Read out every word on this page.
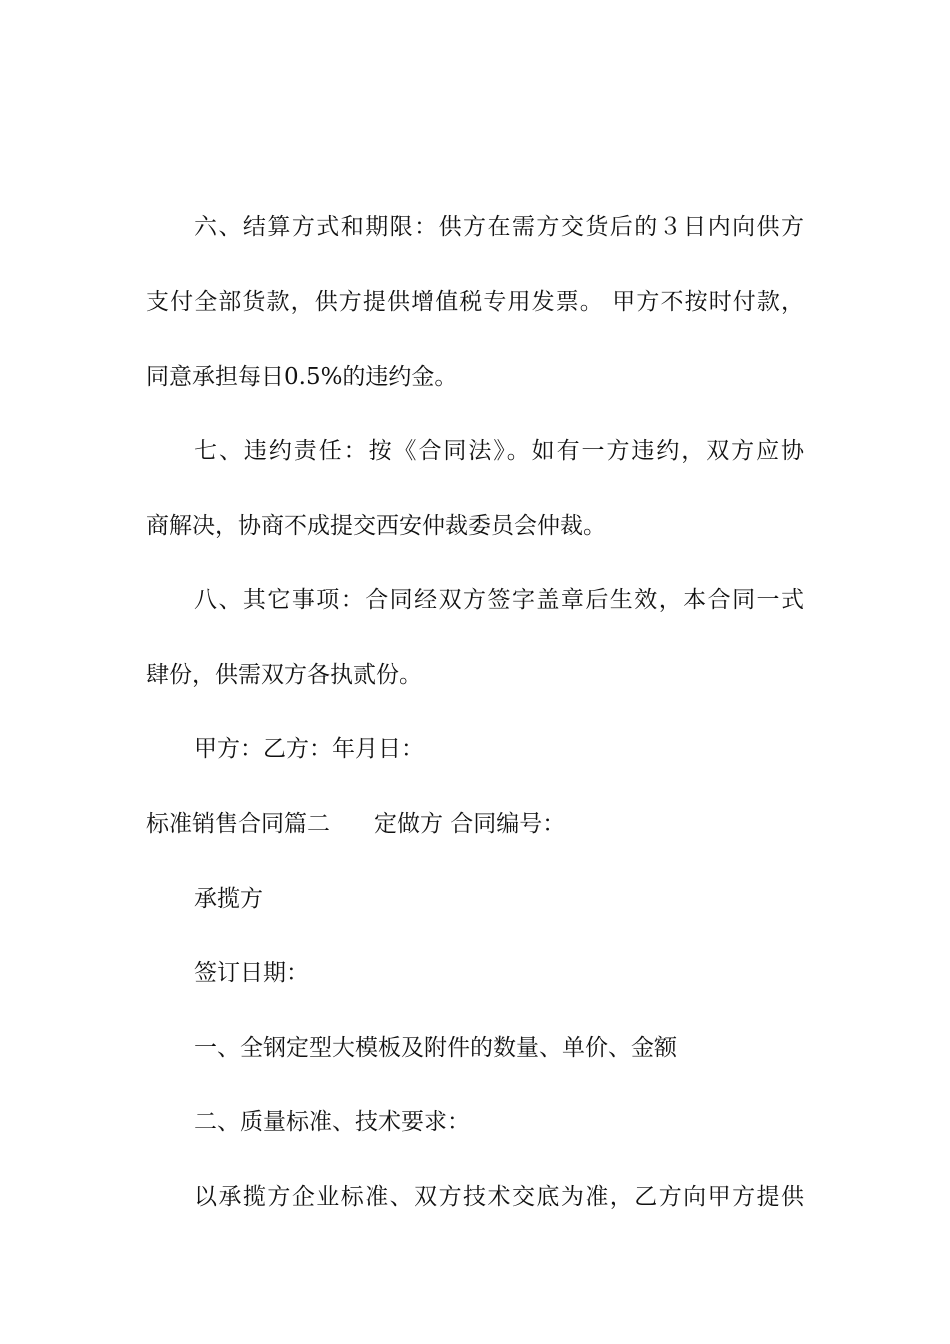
六、结算方式和期限：供方在需方交货后的３日内向供方
支付全部货款，供方提供增值税专用发票。 甲方不按时付款，
同意承担每日0.5%的违约金。
七、违约责任：按《合同法》。如有一方违约，双方应协
商解决，协商不成提交西安仲裁委员会仲裁。
八、其它事项：合同经双方签字盖章后生效，本合同一式
肆份，供需双方各执贰份。
甲方：乙方：年月日：
标准销售合同篇二 定做方 合同编号：
承揽方
签订日期：
一、全钢定型大模板及附件的数量、单价、金额
二、质量标准、技术要求：
以承揽方企业标准、双方技术交底为准，乙方向甲方提供
